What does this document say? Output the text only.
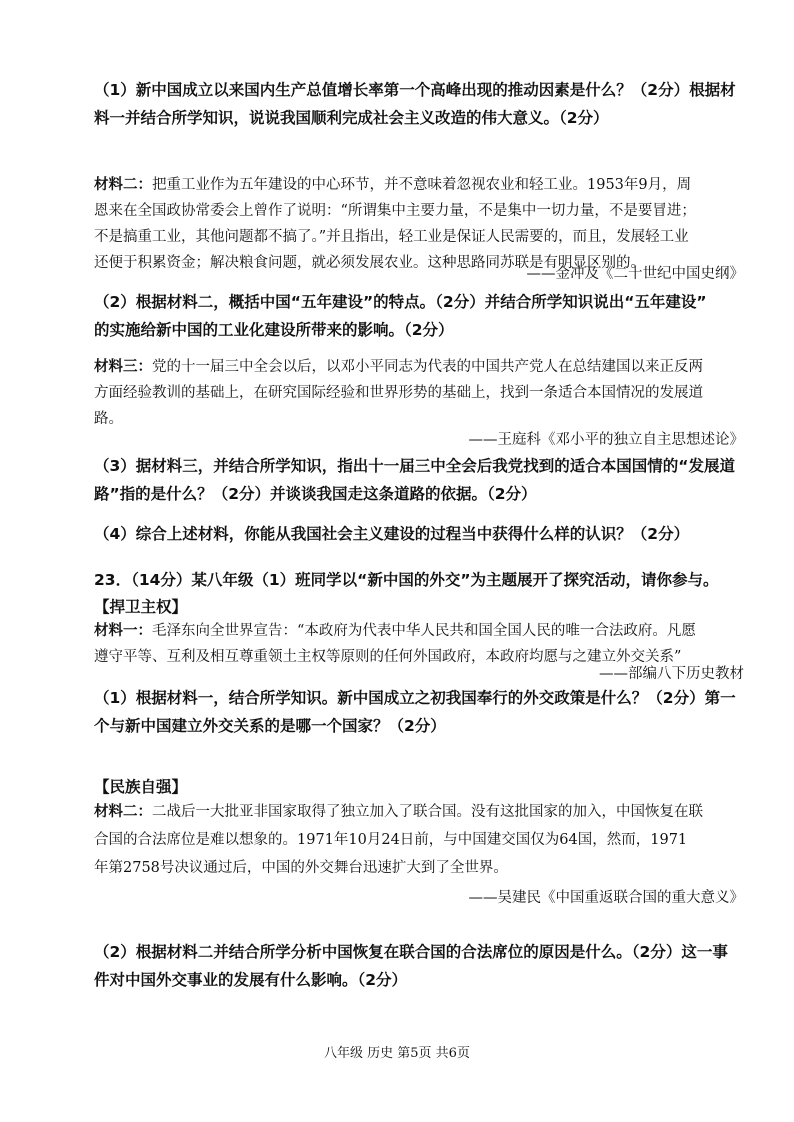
（1）新中国成立以来国内生产总值增长率第一个高峰出现的推动因素是什么？（2分）根据材
料一并结合所学知识，说说我国顺利完成社会主义改造的伟大意义。（2分）
材料二：把重工业作为五年建设的中心环节，并不意味着忽视农业和轻工业。1953年9月，周
恩来在全国政协常委会上曾作了说明：“所谓集中主要力量，不是集中一切力量，不是要冒进；
不是搞重工业，其他问题都不搞了。”并且指出，轻工业是保证人民需要的，而且，发展轻工业
还便于积累资金；解决粮食问题，就必须发展农业。这种思路同苏联是有明显区别的。
——金冲及《二十世纪中国史纲》
（2）根据材料二，概括中国“五年建设”的特点。（2分）并结合所学知识说出“五年建设”
的实施给新中国的工业化建设所带来的影响。（2分）
材料三：党的十一届三中全会以后，以邓小平同志为代表的中国共产党人在总结建国以来正反两
方面经验教训的基础上，在研究国际经验和世界形势的基础上，找到一条适合本国情况的发展道
路。
——王庭科《邓小平的独立自主思想述论》
（3）据材料三，并结合所学知识，指出十一届三中全会后我党找到的适合本国国情的“发展道
路”指的是什么？（2分）并谈谈我国走这条道路的依据。（2分）
（4）综合上述材料，你能从我国社会主义建设的过程当中获得什么样的认识？（2分）
23．（14分）某八年级（1）班同学以“新中国的外交”为主题展开了探究活动，请你参与。
【捍卫主权】
材料一：毛泽东向全世界宣告：“本政府为代表中华人民共和国全国人民的唯一合法政府。凡愿
遵守平等、互利及相互尊重领土主权等原则的任何外国政府，本政府均愿与之建立外交关系”
——部编八下历史教材
（1）根据材料一，结合所学知识。新中国成立之初我国奉行的外交政策是什么？（2分）第一
个与新中国建立外交关系的是哪一个国家？（2分）
【民族自强】
材料二：二战后一大批亚非国家取得了独立加入了联合国。没有这批国家的加入，中国恢复在联
合国的合法席位是难以想象的。1971年10月24日前，与中国建交国仅为64国，然而，1971
年第2758号决议通过后，中国的外交舞台迅速扩大到了全世界。
——吴建民《中国重返联合国的重大意义》
（2）根据材料二并结合所学分析中国恢复在联合国的合法席位的原因是什么。（2分）这一事
件对中国外交事业的发展有什么影响。（2分）
八年级 历史 第5页 共6页
